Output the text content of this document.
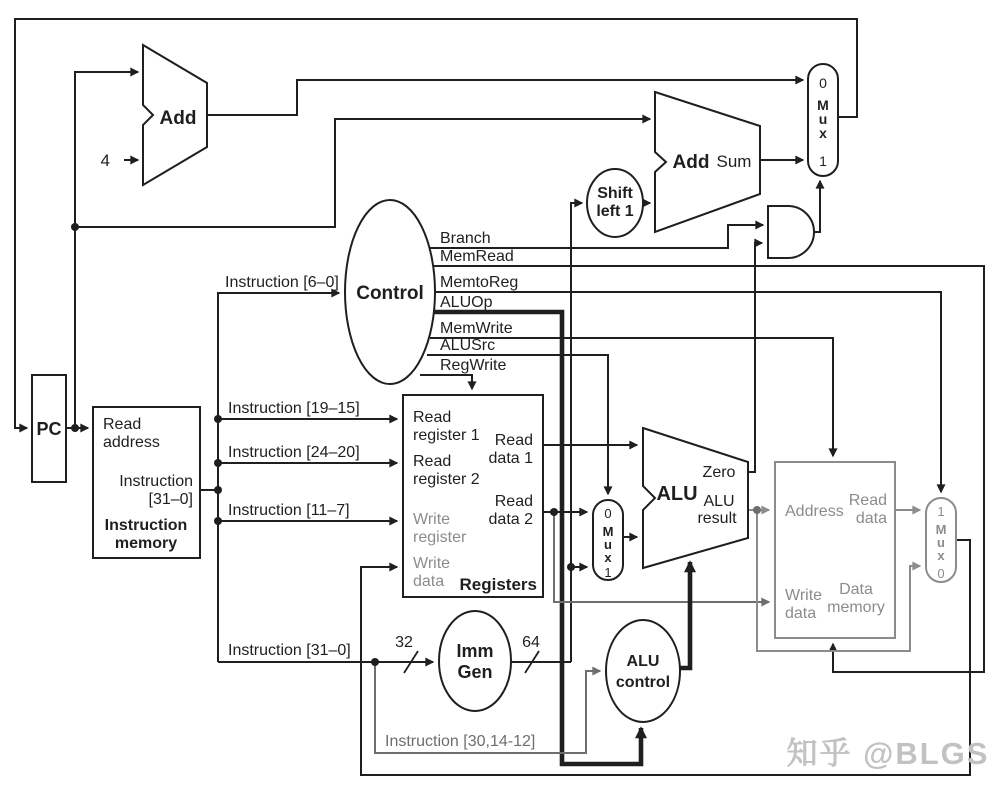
Add
Add Sum
4
ALU
Zero
ALU
result
Control
Shift
left 1
Imm
Gen
ALU
control
PC	Read
address
Instruction
[31–0]
Instruction
memory
Branch
MemRead
MemtoReg
ALUOp
MemWrite
ALUSrc
RegWrite
Instruction [6–0]
Instruction [19–15]
Instruction [24–20]
Instruction [11–7]
Instruction [31–0]
Instruction [30,14-12]
Read
register 1
Read
register 2
Write
register
Write
data
Read
data 1
Read
data 2
Registers
Address
Read
data
Write
data
Data
memory
32	64
0
M
u
x
1
0
M
u
x
1
1
M
u
x
0
知乎 @BLGS
